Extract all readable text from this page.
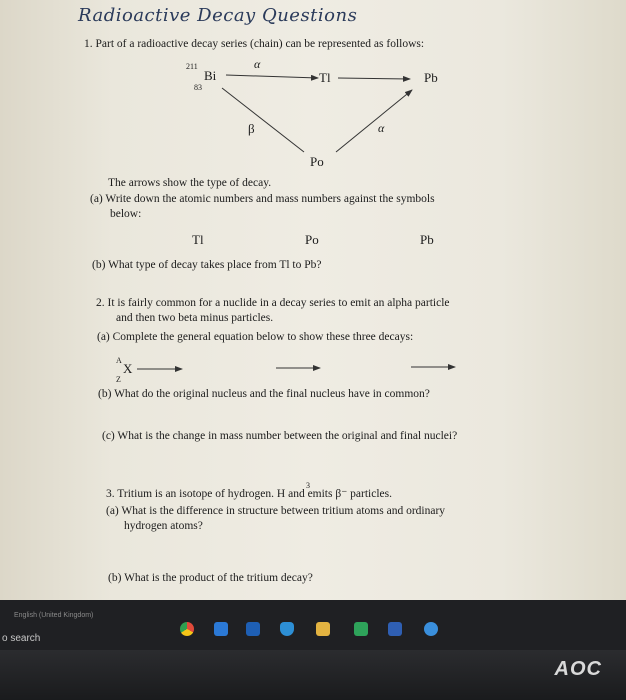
Radioactive Decay Questions
1. Part of a radioactive decay series (chain) can be represented as follows:
211
Bi
83
α
Tl	Pb
β	α
Po
The arrows show the type of decay.
(a) Write down the atomic numbers and mass numbers against the symbols
below:
Tl	Po	Pb
(b) What type of decay takes place from Tl to Pb?
2. It is fairly common for a nuclide in a decay series to emit an alpha particle
and then two beta minus particles.
(a) Complete the general equation below to show these three decays:
A
X
Z
(b) What do the original nucleus and the final nucleus have in common?
(c) What is the change in mass number between the original and final nuclei?
3. Tritium is an isotope of hydrogen. H and emits β⁻ particles.
3
(a) What is the difference in structure between tritium atoms and ordinary
hydrogen atoms?
(b) What is the product of the tritium decay?
English (United Kingdom)
o search
AOC
